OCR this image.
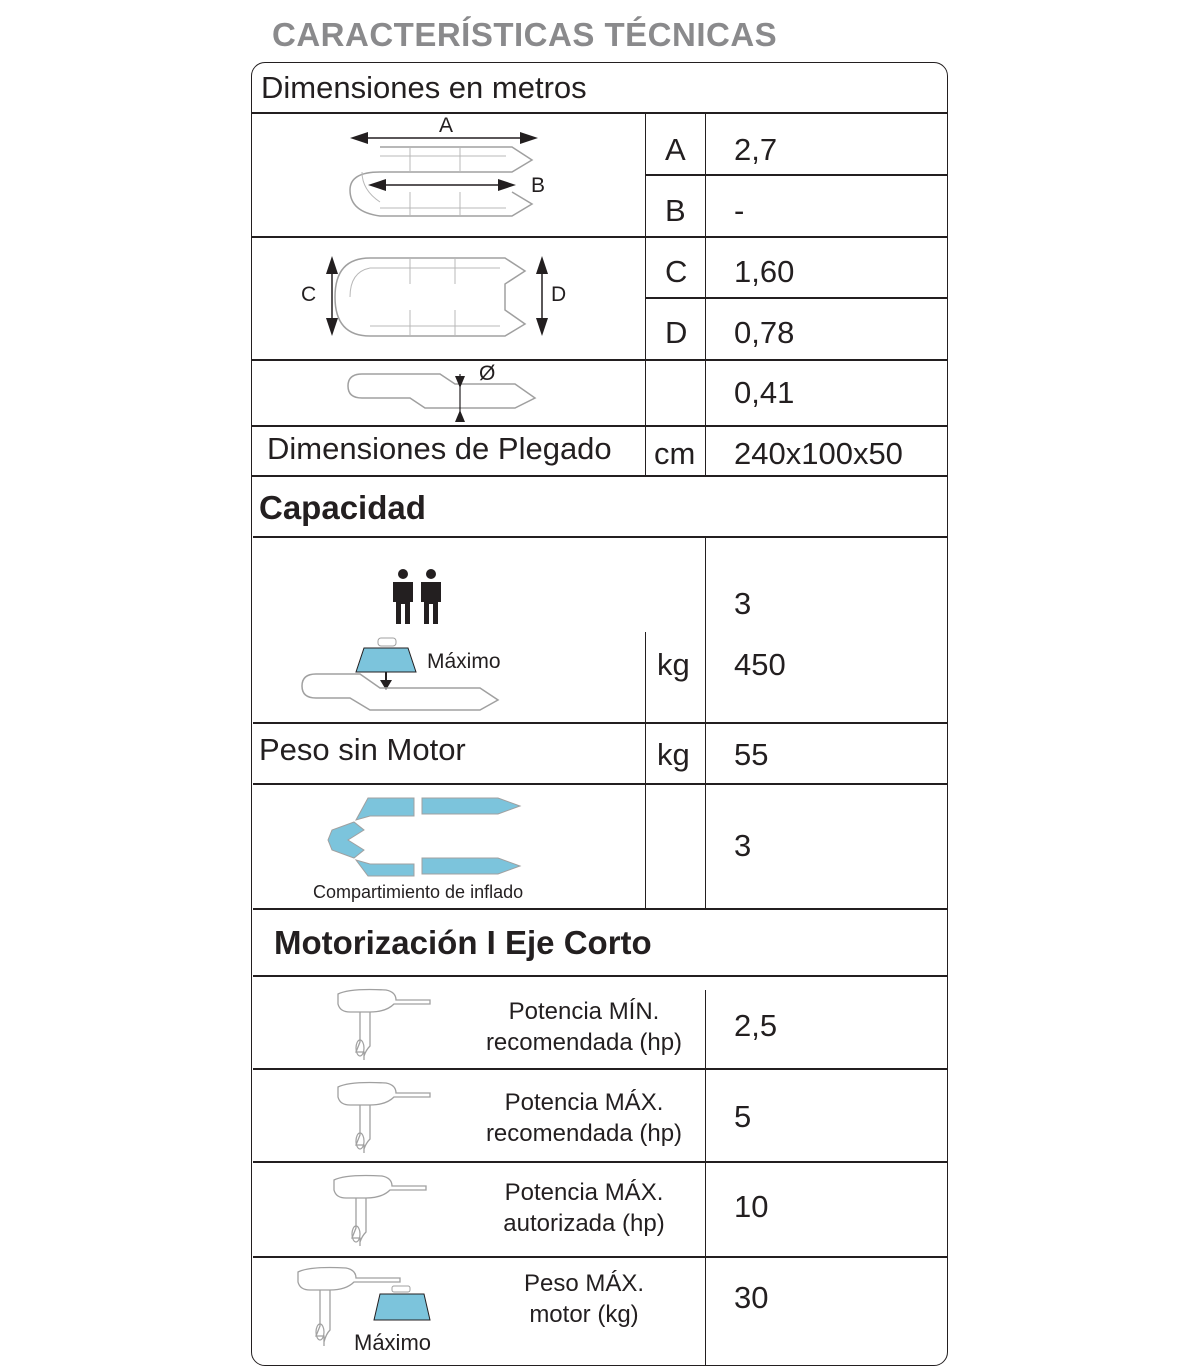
CARACTERÍSTICAS TÉCNICAS
Dimensiones en metros
A
B
C	D
Ø
A 2,7
B -
C 1,60
D 0,78
0,41
Dimensiones de Plegado cm 240x100x50
Capacidad
3
Máximo	kg 450
Peso sin Motor	kg 55
Compartimiento de inflado
3
Motorización I Eje Corto
Potencia MÍN.
recomendada (hp)	2,5
Potencia MÁX.
recomendada (hp)	5
Potencia MÁX.
autorizada (hp)	10
Máximo
Peso MÁX.
motor (kg)	30
